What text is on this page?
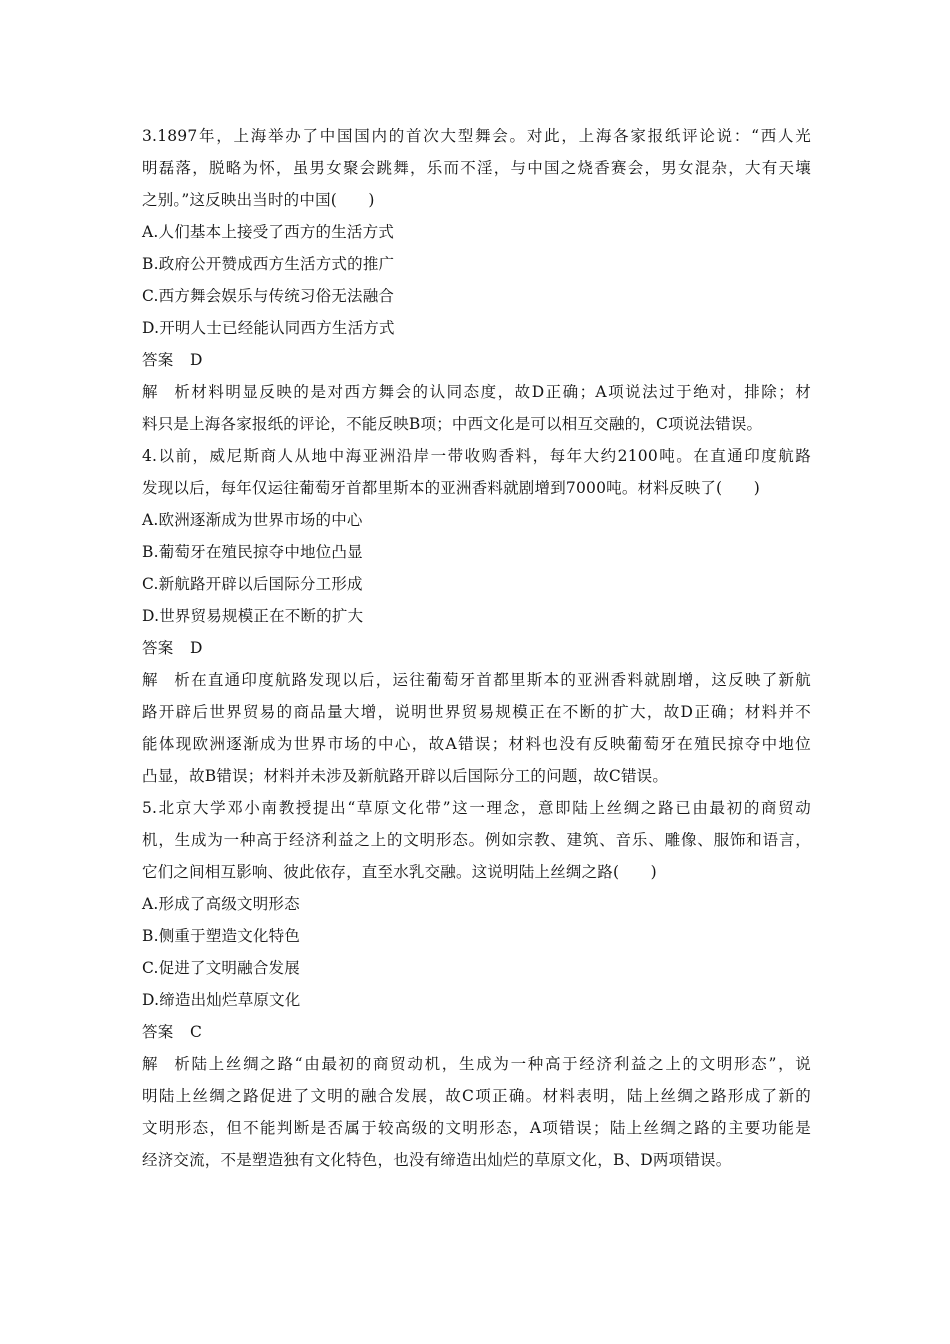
3.1897年，上海举办了中国国内的首次大型舞会。对此，上海各家报纸评论说：“西人光
明磊落，脱略为怀，虽男女聚会跳舞，乐而不淫，与中国之烧香赛会，男女混杂，大有天壤
之别。”这反映出当时的中国(　　)
A.人们基本上接受了西方的生活方式
B.政府公开赞成西方生活方式的推广
C.西方舞会娱乐与传统习俗无法融合
D.开明人士已经能认同西方生活方式
答案 D
解析材料明显反映的是对西方舞会的认同态度，故D正确；A项说法过于绝对，排除；材
料只是上海各家报纸的评论，不能反映B项；中西文化是可以相互交融的，C项说法错误。
4.以前，威尼斯商人从地中海亚洲沿岸一带收购香料，每年大约2100吨。在直通印度航路
发现以后，每年仅运往葡萄牙首都里斯本的亚洲香料就剧增到7000吨。材料反映了(　　)
A.欧洲逐渐成为世界市场的中心
B.葡萄牙在殖民掠夺中地位凸显
C.新航路开辟以后国际分工形成
D.世界贸易规模正在不断的扩大
答案 D
解析在直通印度航路发现以后，运往葡萄牙首都里斯本的亚洲香料就剧增，这反映了新航
路开辟后世界贸易的商品量大增，说明世界贸易规模正在不断的扩大，故D正确；材料并不
能体现欧洲逐渐成为世界市场的中心，故A错误；材料也没有反映葡萄牙在殖民掠夺中地位
凸显，故B错误；材料并未涉及新航路开辟以后国际分工的问题，故C错误。
5.北京大学邓小南教授提出“草原文化带”这一理念，意即陆上丝绸之路已由最初的商贸动
机，生成为一种高于经济利益之上的文明形态。例如宗教、建筑、音乐、雕像、服饰和语言，
它们之间相互影响、彼此依存，直至水乳交融。这说明陆上丝绸之路(　　)
A.形成了高级文明形态
B.侧重于塑造文化特色
C.促进了文明融合发展
D.缔造出灿烂草原文化
答案 C
解析陆上丝绸之路“由最初的商贸动机，生成为一种高于经济利益之上的文明形态”，说
明陆上丝绸之路促进了文明的融合发展，故C项正确。材料表明，陆上丝绸之路形成了新的
文明形态，但不能判断是否属于较高级的文明形态，A项错误；陆上丝绸之路的主要功能是
经济交流，不是塑造独有文化特色，也没有缔造出灿烂的草原文化，B、D两项错误。
